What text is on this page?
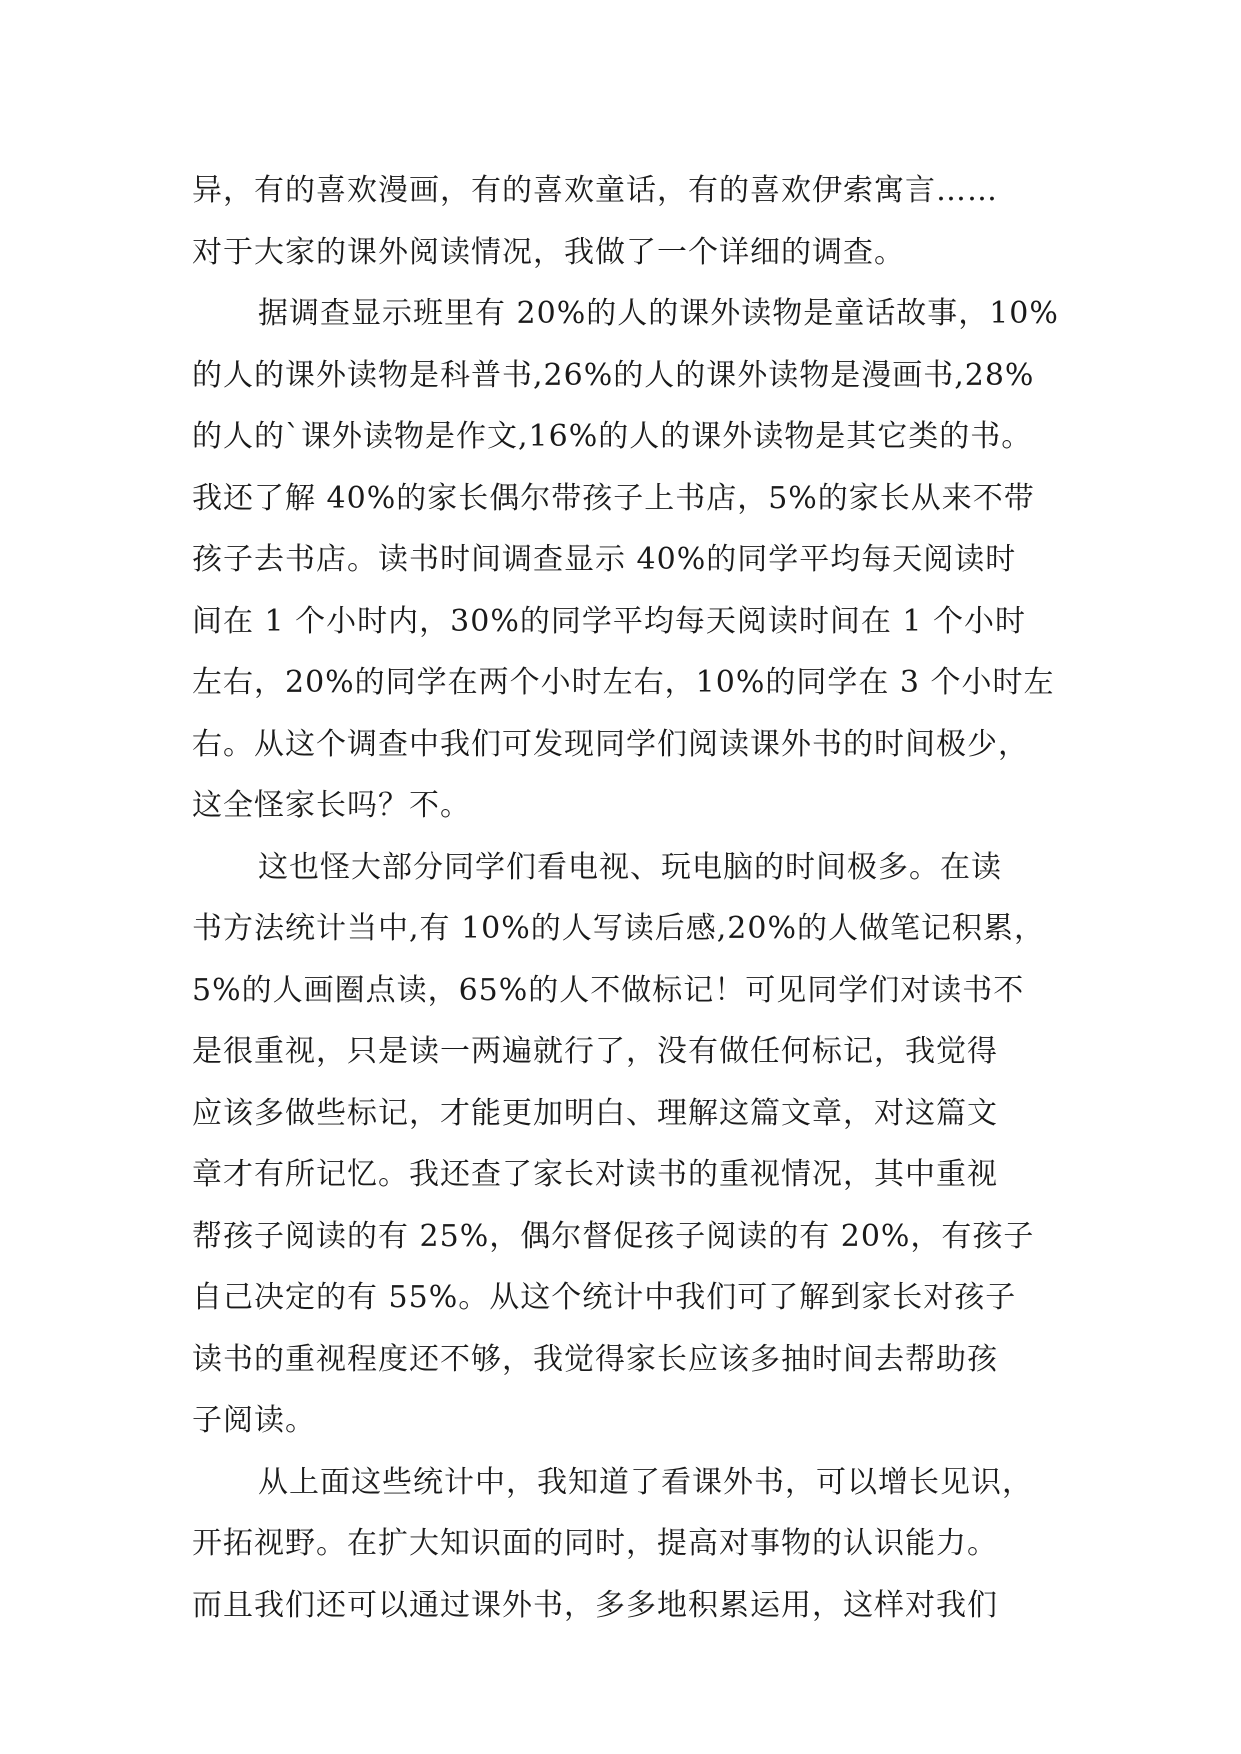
异，有的喜欢漫画，有的喜欢童话，有的喜欢伊索寓言……
对于大家的课外阅读情况，我做了一个详细的调查。
据调查显示班里有 20%的人的课外读物是童话故事，10%
的人的课外读物是科普书,26%的人的课外读物是漫画书,28%
的人的`课外读物是作文,16%的人的课外读物是其它类的书。
我还了解 40%的家长偶尔带孩子上书店，5%的家长从来不带
孩子去书店。读书时间调查显示 40%的同学平均每天阅读时
间在 1 个小时内，30%的同学平均每天阅读时间在 1 个小时
左右，20%的同学在两个小时左右，10%的同学在 3 个小时左
右。从这个调查中我们可发现同学们阅读课外书的时间极少，
这全怪家长吗？不。
这也怪大部分同学们看电视、玩电脑的时间极多。在读
书方法统计当中,有 10%的人写读后感,20%的人做笔记积累，
5%的人画圈点读，65%的人不做标记！可见同学们对读书不
是很重视，只是读一两遍就行了，没有做任何标记，我觉得
应该多做些标记，才能更加明白、理解这篇文章，对这篇文
章才有所记忆。我还查了家长对读书的重视情况，其中重视
帮孩子阅读的有 25%，偶尔督促孩子阅读的有 20%，有孩子
自己决定的有 55%。从这个统计中我们可了解到家长对孩子
读书的重视程度还不够，我觉得家长应该多抽时间去帮助孩
子阅读。
从上面这些统计中，我知道了看课外书，可以增长见识，
开拓视野。在扩大知识面的同时，提高对事物的认识能力。
而且我们还可以通过课外书，多多地积累运用，这样对我们
